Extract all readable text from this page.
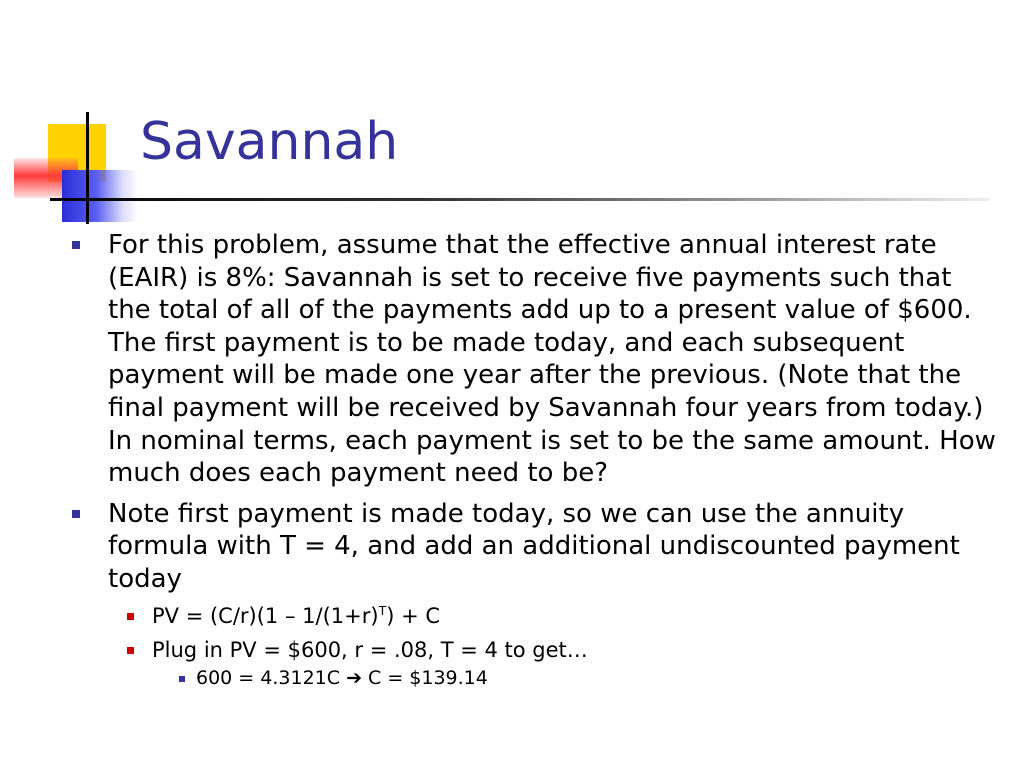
Savannah
For this problem, assume that the effective annual interest rate (EAIR) is 8%: Savannah is set to receive five payments such that the total of all of the payments add up to a present value of $600. The first payment is to be made today, and each subsequent payment will be made one year after the previous. (Note that the final payment will be received by Savannah four years from today.) In nominal terms, each payment is set to be the same amount. How much does each payment need to be?
Note first payment is made today, so we can use the annuity formula with T = 4, and add an additional undiscounted payment today
PV = $(C/r)(1 - 1/(1+r)^T) + C$
Plug in PV = $600, r = .08, T = 4 to get…
600 = 4.3121C ➔ C = $139.14
